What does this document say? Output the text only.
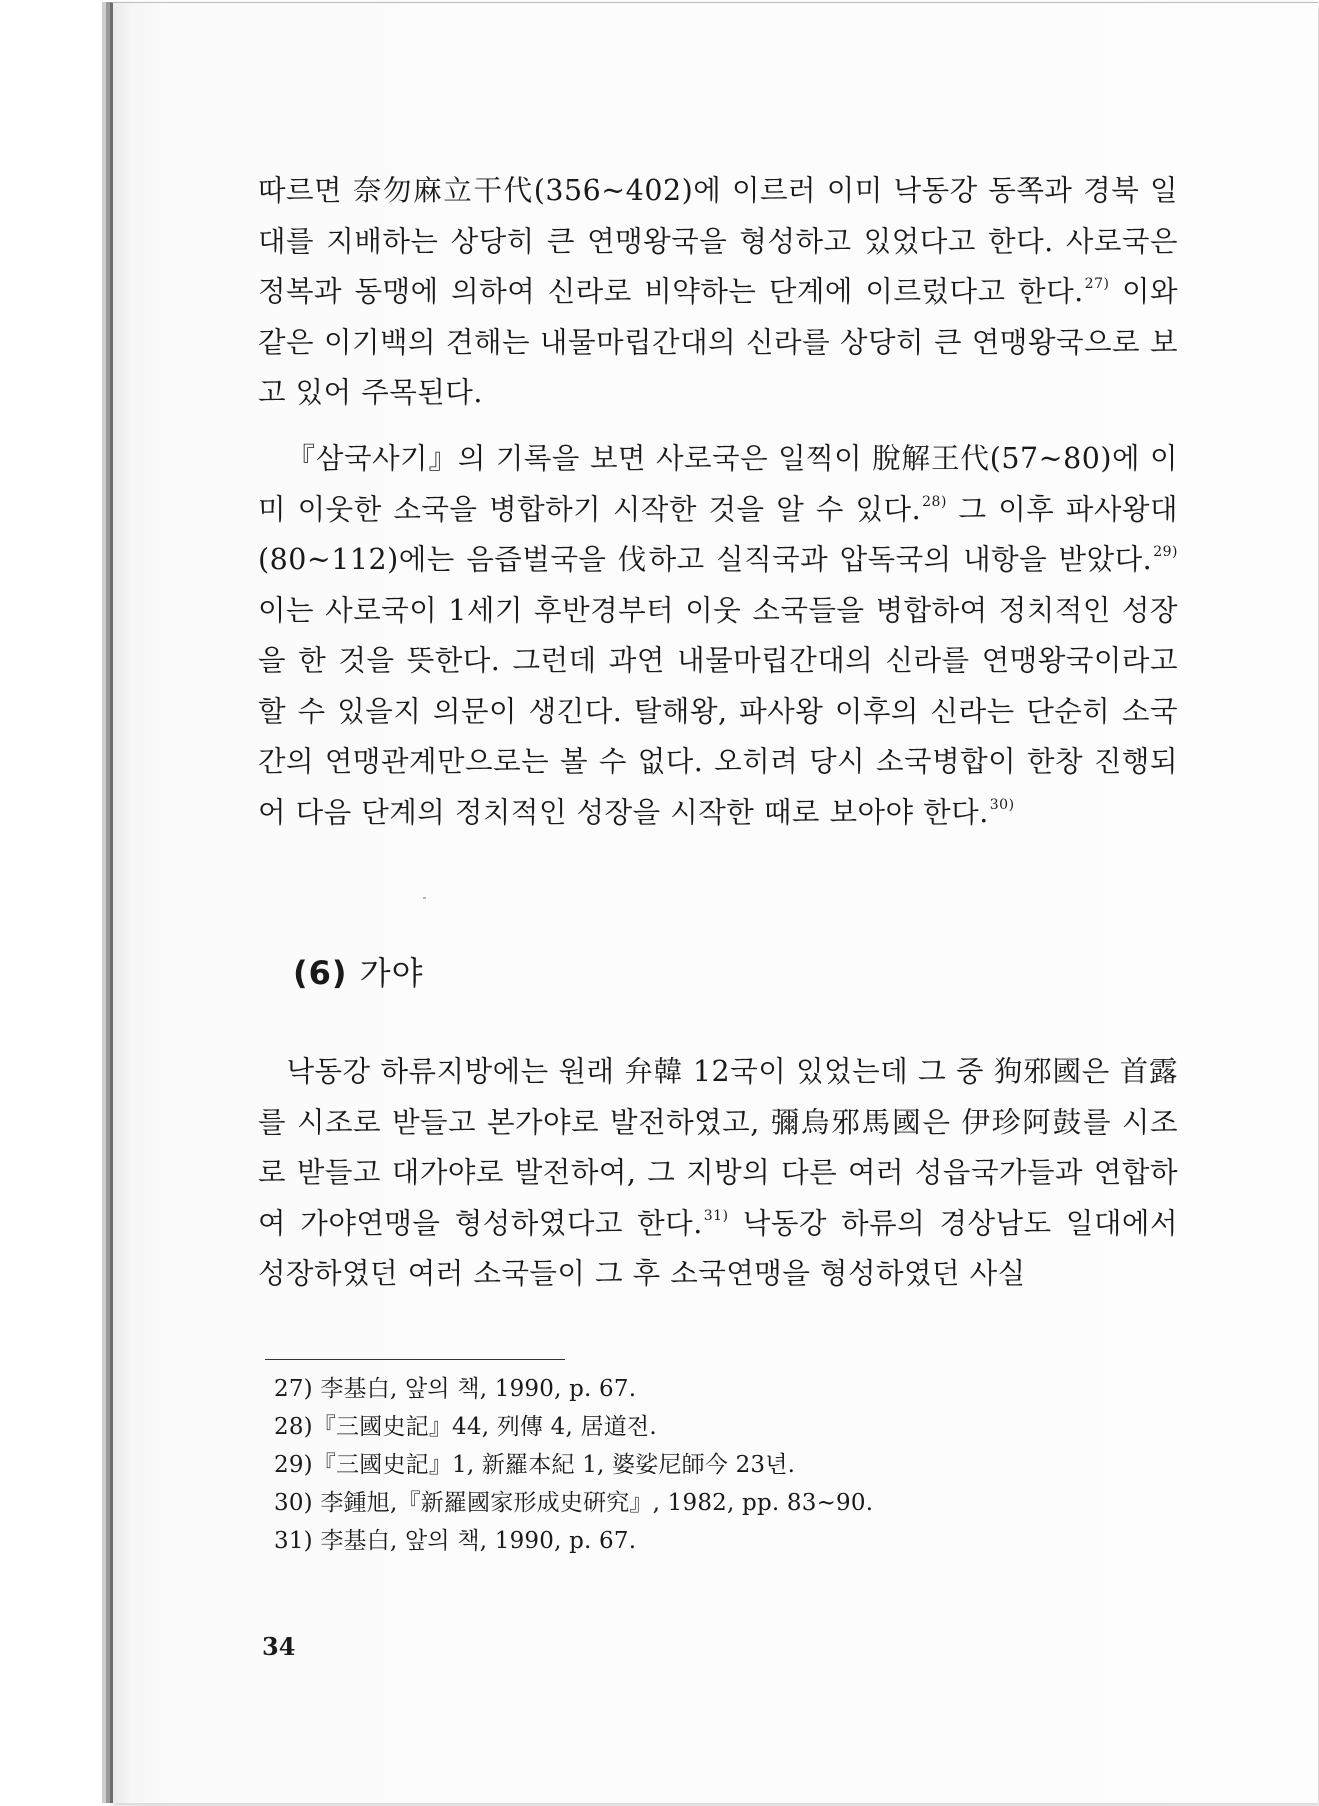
따르면 奈勿麻立干代(356~402)에 이르러 이미 낙동강 동쪽과 경북 일대를 지배하는 상당히 큰 연맹왕국을 형성하고 있었다고 한다. 사로국은 정복과 동맹에 의하여 신라로 비약하는 단계에 이르렀다고 한다.$^{27)}$ 이와 같은 이기백의 견해는 내물마립간대의 신라를 상당히 큰 연맹왕국으로 보고 있어 주목된다.

『삼국사기』의 기록을 보면 사로국은 일찍이 脫解王代(57~80)에 이미 이웃한 소국을 병합하기 시작한 것을 알 수 있다.$^{28)}$ 그 이후 파사왕대(80~112)에는 음즙벌국을 伐하고 실직국과 압독국의 내항을 받았다.$^{29)}$ 이는 사로국이 1세기 후반경부터 이웃 소국들을 병합하여 정치적인 성장을 한 것을 뜻한다. 그런데 과연 내물마립간대의 신라를 연맹왕국이라고 할 수 있을지 의문이 생긴다. 탈해왕, 파사왕 이후의 신라는 단순히 소국 간의 연맹관계만으로는 볼 수 없다. 오히려 당시 소국병합이 한창 진행되어 다음 단계의 정치적인 성장을 시작한 때로 보아야 한다.$^{30)}$

(6) 가야

낙동강 하류지방에는 원래 弁韓 12국이 있었는데 그 중 狗邪國은 首露를 시조로 받들고 본가야로 발전하였고, 彌烏邪馬國은 伊珍阿鼓를 시조로 받들고 대가야로 발전하여, 그 지방의 다른 여러 성읍국가들과 연합하여 가야연맹을 형성하였다고 한다.$^{31)}$ 낙동강 하류의 경상남도 일대에서 성장하였던 여러 소국들이 그 후 소국연맹을 형성하였던 사실

27) 李基白, 앞의 책, 1990, p. 67.
28)『三國史記』44, 列傳 4, 居道전.
29)『三國史記』1, 新羅本紀 1, 婆娑尼師今 23년.
30) 李鍾旭,『新羅國家形成史硏究』, 1982, pp. 83~90.
31) 李基白, 앞의 책, 1990, p. 67.
34
